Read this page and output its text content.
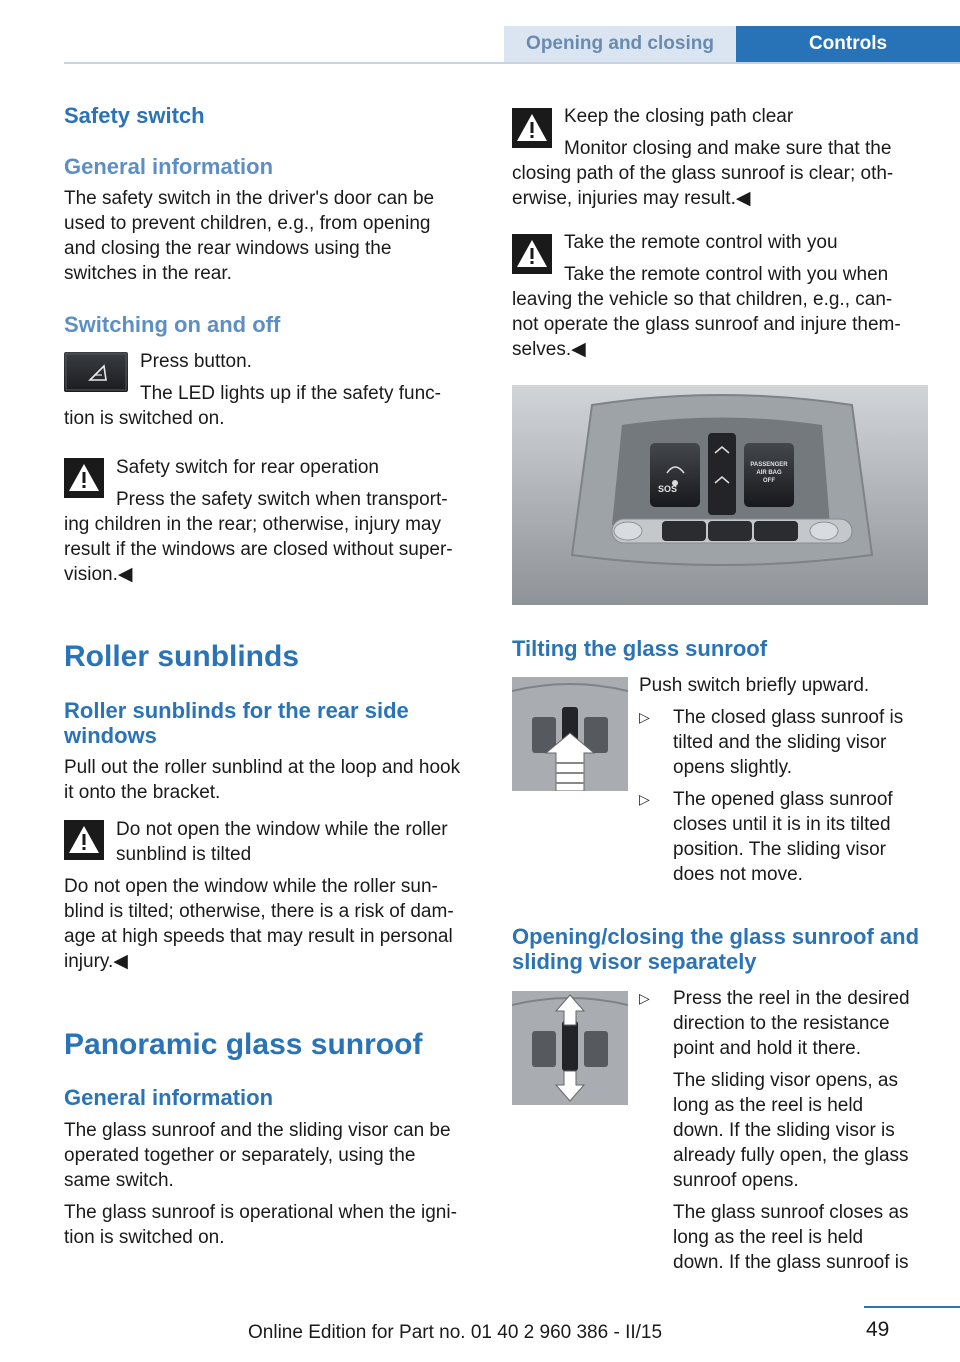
Opening and closing	Controls
Safety switch
General information
The safety switch in the driver's door can be used to prevent children, e.g., from opening and closing the rear windows using the switches in the rear.
Switching on and off
Press button.
The LED lights up if the safety func-
tion is switched on.
Safety switch for rear operation
Press the safety switch when transport-
ing children in the rear; otherwise, injury may
result if the windows are closed without super-
vision.◀
Roller sunblinds
Roller sunblinds for the rear side
windows
Pull out the roller sunblind at the loop and hook
it onto the bracket.
Do not open the window while the roller
sunblind is tilted
Do not open the window while the roller sun-
blind is tilted; otherwise, there is a risk of dam-
age at high speeds that may result in personal
injury.◀
Panoramic glass sunroof
General information
The glass sunroof and the sliding visor can be
operated together or separately, using the
same switch.
The glass sunroof is operational when the igni-
tion is switched on.
Keep the closing path clear
Monitor closing and make sure that the
closing path of the glass sunroof is clear; oth-
erwise, injuries may result.◀
Take the remote control with you
Take the remote control with you when
leaving the vehicle so that children, e.g., can-
not operate the glass sunroof and injure them-
selves.◀
SOS
PASSENGER
AIR BAG
OFF
Tilting the glass sunroof
Push switch briefly upward.
▷ The closed glass sunroof is
tilted and the sliding visor
opens slightly.
▷ The opened glass sunroof
closes until it is in its tilted
position. The sliding visor
does not move.
Opening/closing the glass sunroof and
sliding visor separately
▷ Press the reel in the desired
direction to the resistance
point and hold it there.
The sliding visor opens, as
long as the reel is held
down. If the sliding visor is
already fully open, the glass
sunroof opens.
The glass sunroof closes as
long as the reel is held
down. If the glass sunroof is
49
Online Edition for Part no. 01 40 2 960 386 - II/15
